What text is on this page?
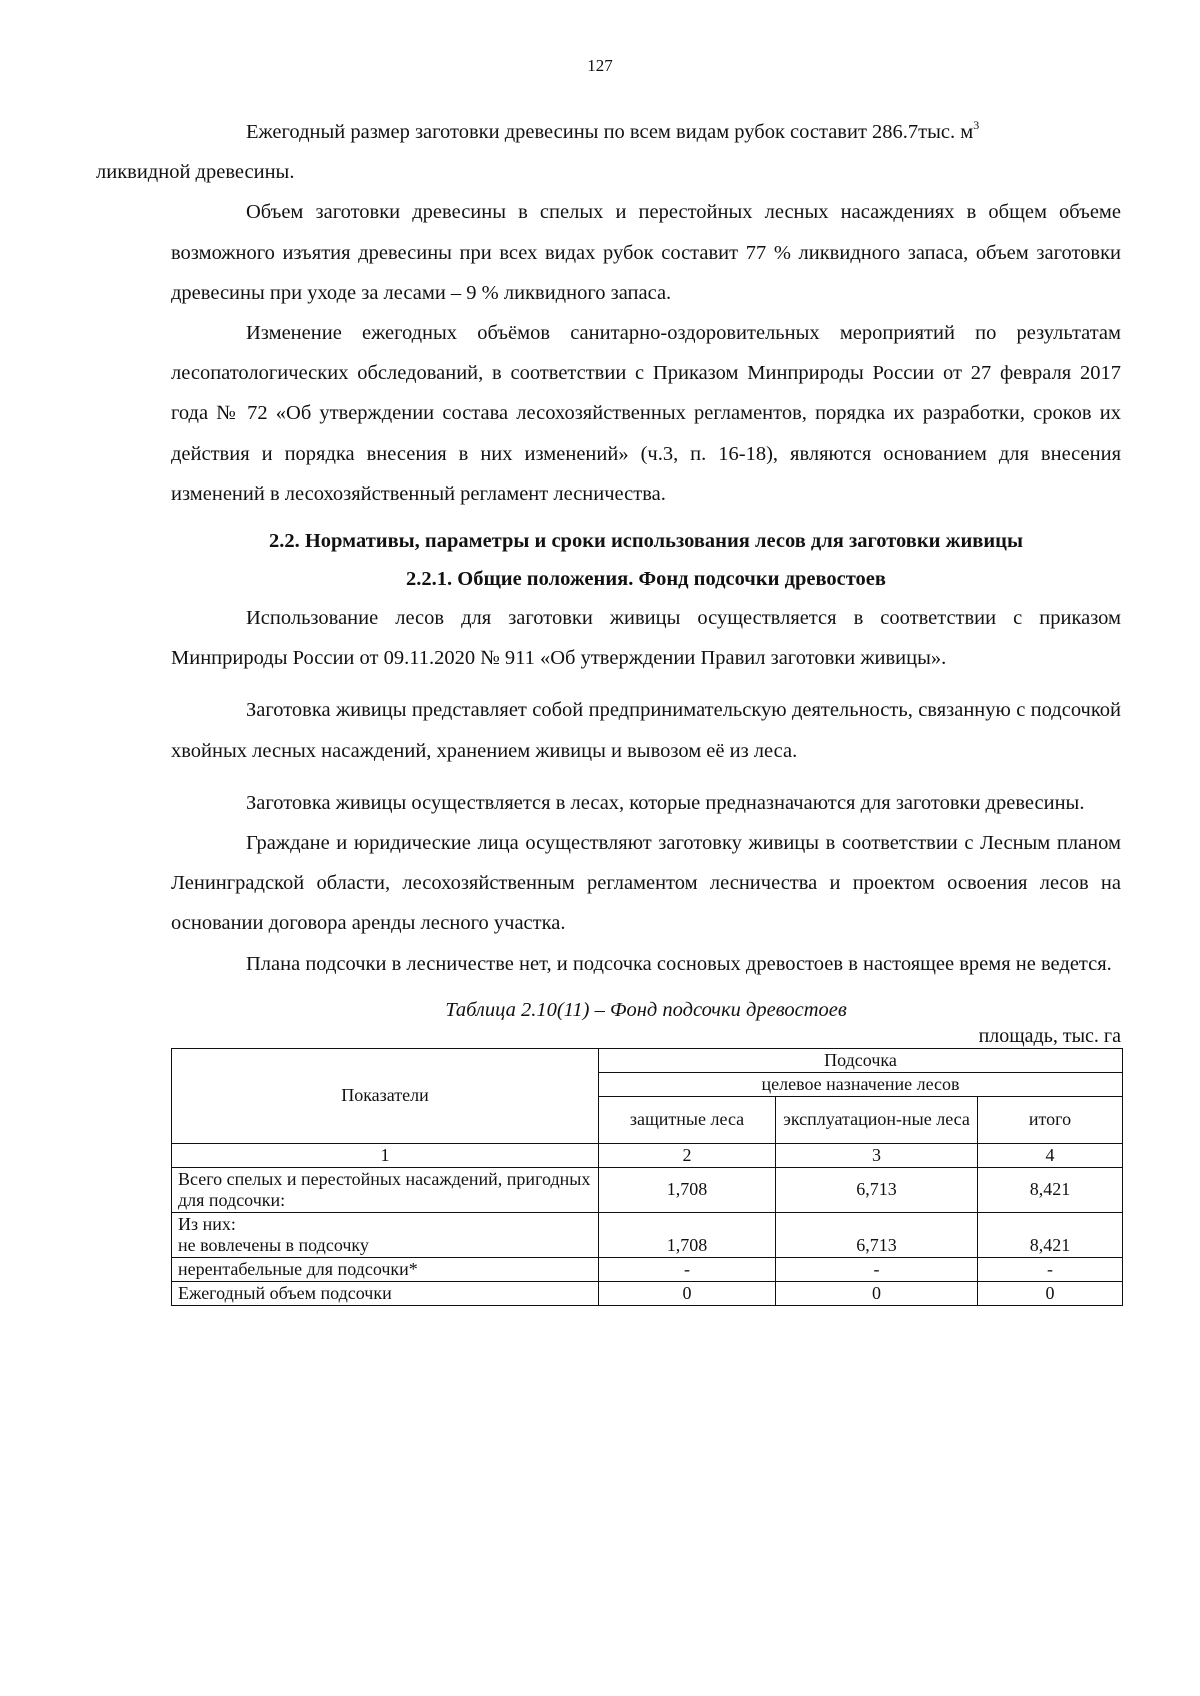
127

Ежегодный размер заготовки древесины по всем видам рубок составит 286.7тыс. $м^3$
ликвидной древесины.

Объем заготовки древесины в спелых и перестойных лесных насаждениях в общем объеме возможного изъятия древесины при всех видах рубок составит 77 % ликвидного запаса, объем заготовки древесины при уходе за лесами – 9 % ликвидного запаса.

Изменение ежегодных объёмов санитарно-оздоровительных мероприятий по результатам лесопатологических обследований, в соответствии с Приказом Минприроды России от 27 февраля 2017 года № 72 «Об утверждении состава лесохозяйственных регламентов, порядка их разработки, сроков их действия и порядка внесения в них изменений» (ч.3, п. 16-18), являются основанием для внесения изменений в лесохозяйственный регламент лесничества.

2.2. Нормативы, параметры и сроки использования лесов для заготовки живицы
2.2.1. Общие положения. Фонд подсочки древостоев

Использование лесов для заготовки живицы осуществляется в соответствии с приказом Минприроды России от 09.11.2020 № 911 «Об утверждении Правил заготовки живицы».

Заготовка живицы представляет собой предпринимательскую деятельность, связанную с подсочкой хвойных лесных насаждений, хранением живицы и вывозом её из леса.

Заготовка живицы осуществляется в лесах, которые предназначаются для заготовки древесины.

Граждане и юридические лица осуществляют заготовку живицы в соответствии с Лесным планом Ленинградской области, лесохозяйственным регламентом лесничества и проектом освоения лесов на основании договора аренды лесного участка.

Плана подсочки в лесничестве нет, и подсочка сосновых древостоев в настоящее время не ведется.

Таблица 2.10(11) – Фонд подсочки древостоев
площадь, тыс. га
Показатели	Подсочка		
	целевое назначение лесов		
	защитные леса	эксплуатацион-ные леса	итого
1	2	3	4
Всего спелых и перестойных насаждений, пригодных для подсочки:	1,708	6,713	8,421
Из них:
не вовлечены в подсочку	1,708	6,713	8,421
нерентабельные для подсочки*	-	-	-
Ежегодный объем подсочки	0	0	0
